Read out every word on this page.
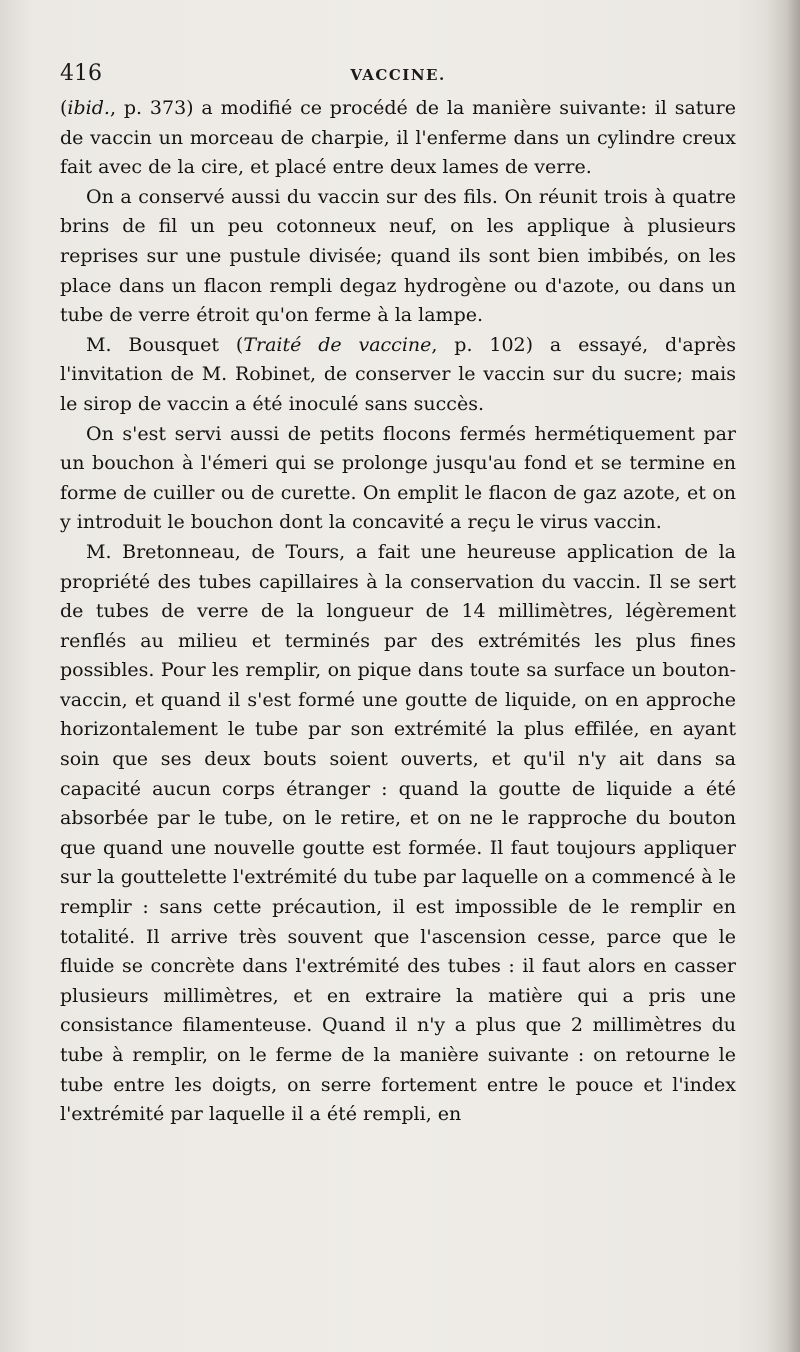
416	VACCINE.

(ibid., p. 373) a modifié ce procédé de la manière suivante: il sature de vaccin un morceau de charpie, il l'enferme dans un cylindre creux fait avec de la cire, et placé entre deux lames de verre.

On a conservé aussi du vaccin sur des fils. On réunit trois à quatre brins de fil un peu cotonneux neuf, on les applique à plusieurs reprises sur une pustule divisée; quand ils sont bien imbibés, on les place dans un flacon rempli degaz hydrogène ou d'azote, ou dans un tube de verre étroit qu'on ferme à la lampe.

M. Bousquet (Traité de vaccine, p. 102) a essayé, d'après l'invitation de M. Robinet, de conserver le vaccin sur du sucre; mais le sirop de vaccin a été inoculé sans succès.

On s'est servi aussi de petits flocons fermés hermétiquement par un bouchon à l'émeri qui se prolonge jusqu'au fond et se termine en forme de cuiller ou de curette. On emplit le flacon de gaz azote, et on y introduit le bouchon dont la concavité a reçu le virus vaccin.

M. Bretonneau, de Tours, a fait une heureuse application de la propriété des tubes capillaires à la conservation du vaccin. Il se sert de tubes de verre de la longueur de 14 millimètres, légèrement renflés au milieu et terminés par des extrémités les plus fines possibles. Pour les remplir, on pique dans toute sa surface un bouton-vaccin, et quand il s'est formé une goutte de liquide, on en approche horizontalement le tube par son extrémité la plus effilée, en ayant soin que ses deux bouts soient ouverts, et qu'il n'y ait dans sa capacité aucun corps étranger : quand la goutte de liquide a été absorbée par le tube, on le retire, et on ne le rapproche du bouton que quand une nouvelle goutte est formée. Il faut toujours appliquer sur la gouttelette l'extrémité du tube par laquelle on a commencé à le remplir : sans cette précaution, il est impossible de le remplir en totalité. Il arrive très souvent que l'ascension cesse, parce que le fluide se concrète dans l'extrémité des tubes : il faut alors en casser plusieurs millimètres, et en extraire la matière qui a pris une consistance filamenteuse. Quand il n'y a plus que 2 millimètres du tube à remplir, on le ferme de la manière suivante : on retourne le tube entre les doigts, on serre fortement entre le pouce et l'index l'extrémité par laquelle il a été rempli, en
